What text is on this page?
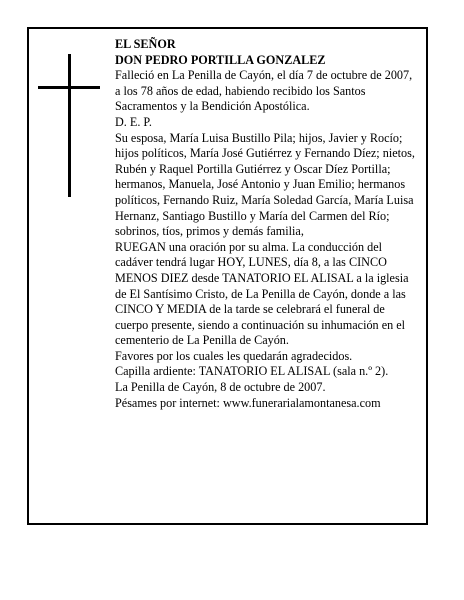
EL SEÑOR

DON PEDRO PORTILLA GONZALEZ

Falleció en La Penilla de Cayón, el día 7 de octubre de 2007, a los 78 años de edad, habiendo recibido los Santos Sacramentos y la Bendición Apostólica.

D. E. P.

Su esposa, María Luisa Bustillo Pila; hijos, Javier y Rocío; hijos políticos, María José Gutiérrez y Fernando Díez; nietos, Rubén y Raquel Portilla Gutiérrez y Oscar Díez Portilla; hermanos, Manuela, José Antonio y Juan Emilio; hermanos políticos, Fernando Ruiz, María Soledad García, María Luisa Hernanz, Santiago Bustillo y María del Carmen del Río; sobrinos, tíos, primos y demás familia,

RUEGAN una oración por su alma. La conducción del cadáver tendrá lugar HOY, LUNES, día 8, a las CINCO MENOS DIEZ desde TANATORIO EL ALISAL a la iglesia de El Santísimo Cristo, de La Penilla de Cayón, donde a las CINCO Y MEDIA de la tarde se celebrará el funeral de cuerpo presente, siendo a continuación su inhumación en el cementerio de La Penilla de Cayón.

Favores por los cuales les quedarán agradecidos.

Capilla ardiente: TANATORIO EL ALISAL (sala n.º 2).

La Penilla de Cayón, 8 de octubre de 2007.

Pésames por internet: www.funerarialamontanesa.com
